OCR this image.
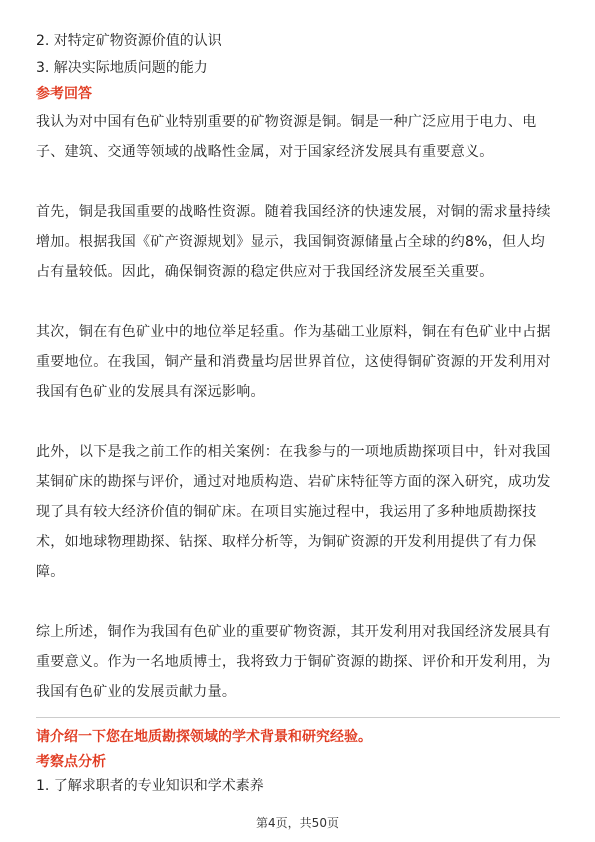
2. 对特定矿物资源价值的认识
3. 解决实际地质问题的能力
参考回答
我认为对中国有色矿业特别重要的矿物资源是铜。铜是一种广泛应用于电力、电
子、建筑、交通等领域的战略性金属，对于国家经济发展具有重要意义。
首先，铜是我国重要的战略性资源。随着我国经济的快速发展，对铜的需求量持续
增加。根据我国《矿产资源规划》显示，我国铜资源储量占全球的约8%，但人均
占有量较低。因此，确保铜资源的稳定供应对于我国经济发展至关重要。
其次，铜在有色矿业中的地位举足轻重。作为基础工业原料，铜在有色矿业中占据
重要地位。在我国，铜产量和消费量均居世界首位，这使得铜矿资源的开发利用对
我国有色矿业的发展具有深远影响。
此外，以下是我之前工作的相关案例：在我参与的一项地质勘探项目中，针对我国
某铜矿床的勘探与评价，通过对地质构造、岩矿床特征等方面的深入研究，成功发
现了具有较大经济价值的铜矿床。在项目实施过程中，我运用了多种地质勘探技
术，如地球物理勘探、钻探、取样分析等，为铜矿资源的开发利用提供了有力保
障。
综上所述，铜作为我国有色矿业的重要矿物资源，其开发利用对我国经济发展具有
重要意义。作为一名地质博士，我将致力于铜矿资源的勘探、评价和开发利用，为
我国有色矿业的发展贡献力量。
请介绍一下您在地质勘探领域的学术背景和研究经验。
考察点分析
1. 了解求职者的专业知识和学术素养
第4页，共50页
